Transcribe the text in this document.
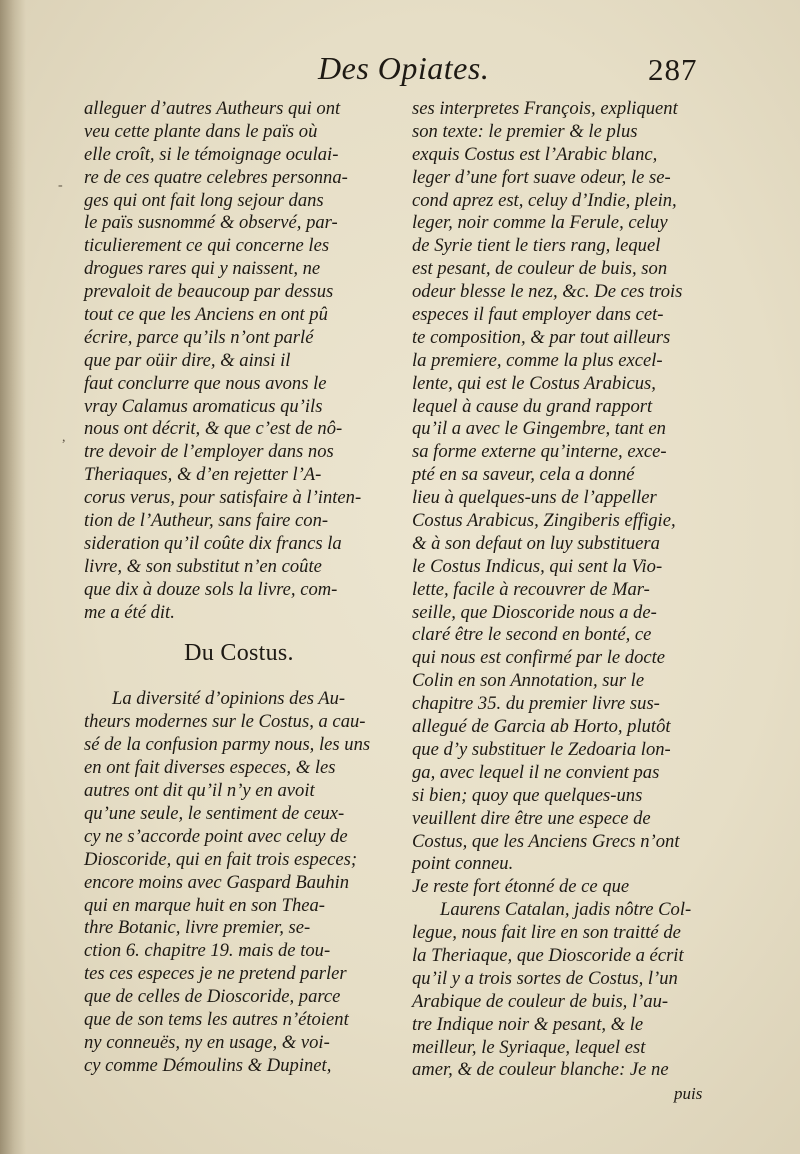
Des Opiates.	287
-
,
alleguer d’autres Autheurs qui ont
veu cette plante dans le païs où
elle croît, si le témoignage oculai-
re de ces quatre celebres personna-
ges qui ont fait long sejour dans
le païs susnommé & observé, par-
ticulierement ce qui concerne les
drogues rares qui y naissent, ne
prevaloit de beaucoup par dessus
tout ce que les Anciens en ont pû
écrire, parce qu’ils n’ont parlé
que par oüir dire, & ainsi il
faut conclurre que nous avons le
vray Calamus aromaticus qu’ils
nous ont décrit, & que c’est de nô-
tre devoir de l’employer dans nos
Theriaques, & d’en rejetter l’A-
corus verus, pour satisfaire à l’inten-
tion de l’Autheur, sans faire con-
sideration qu’il coûte dix francs la
livre, & son substitut n’en coûte
que dix à douze sols la livre, com-
me a été dit.
Du Costus.
La diversité d’opinions des Au-
theurs modernes sur le Costus, a cau-
sé de la confusion parmy nous, les uns
en ont fait diverses especes, & les
autres ont dit qu’il n’y en avoit
qu’une seule, le sentiment de ceux-
cy ne s’accorde point avec celuy de
Dioscoride, qui en fait trois especes;
encore moins avec Gaspard Bauhin
qui en marque huit en son Thea-
thre Botanic, livre premier, se-
ction 6. chapitre 19. mais de tou-
tes ces especes je ne pretend parler
que de celles de Dioscoride, parce
que de son tems les autres n’étoient
ny conneuës, ny en usage, & voi-
cy comme Démoulins & Dupinet,
ses interpretes François, expliquent
son texte: le premier & le plus
exquis Costus est l’Arabic blanc,
leger d’une fort suave odeur, le se-
cond aprez est, celuy d’Indie, plein,
leger, noir comme la Ferule, celuy
de Syrie tient le tiers rang, lequel
est pesant, de couleur de buis, son
odeur blesse le nez, &c. De ces trois
especes il faut employer dans cet-
te composition, & par tout ailleurs
la premiere, comme la plus excel-
lente, qui est le Costus Arabicus,
lequel à cause du grand rapport
qu’il a avec le Gingembre, tant en
sa forme externe qu’interne, exce-
pté en sa saveur, cela a donné
lieu à quelques-uns de l’appeller
Costus Arabicus, Zingiberis effigie,
& à son defaut on luy substituera
le Costus Indicus, qui sent la Vio-
lette, facile à recouvrer de Mar-
seille, que Dioscoride nous a de-
claré être le second en bonté, ce
qui nous est confirmé par le docte
Colin en son Annotation, sur le
chapitre 35. du premier livre sus-
allegué de Garcia ab Horto, plutôt
que d’y substituer le Zedoaria lon-
ga, avec lequel il ne convient pas
si bien; quoy que quelques-uns
veuillent dire être une espece de
Costus, que les Anciens Grecs n’ont
point conneu.
Je reste fort étonné de ce que
Laurens Catalan, jadis nôtre Col-
legue, nous fait lire en son traitté de
la Theriaque, que Dioscoride a écrit
qu’il y a trois sortes de Costus, l’un
Arabique de couleur de buis, l’au-
tre Indique noir & pesant, & le
meilleur, le Syriaque, lequel est
amer, & de couleur blanche: Je ne
puis
